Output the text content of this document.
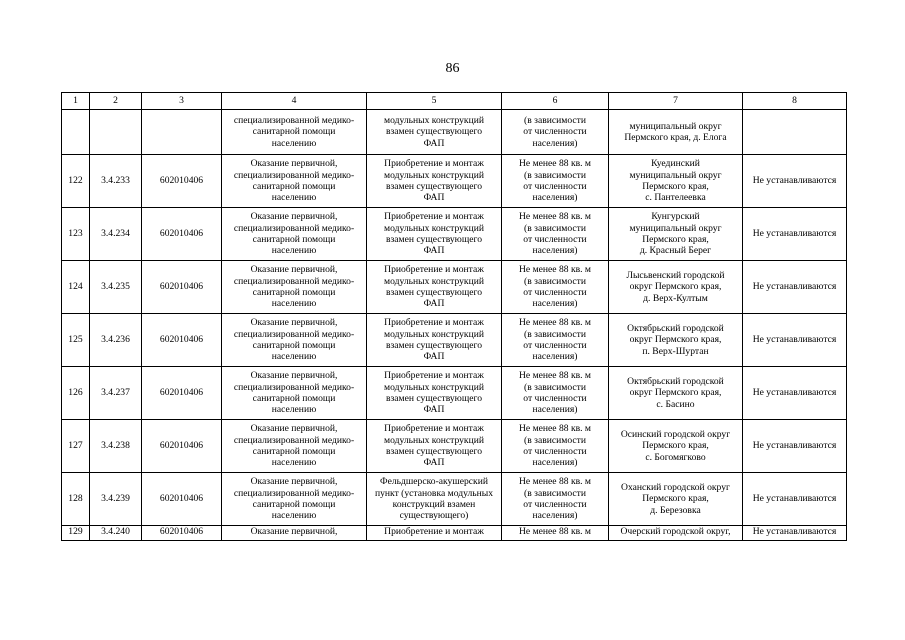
86
1	2	3	4	5	6	7	8

			специализированной медико-
санитарной помощи
населению	модульных конструкций
взамен существующего
ФАП	(в зависимости
от численности
населения)	муниципальный округ
Пермского края, д. Елога	

122	3.4.233	602010406	Оказание первичной,
специализированной медико-
санитарной помощи
населению	Приобретение и монтаж
модульных конструкций
взамен существующего
ФАП	Не менее 88 кв. м
(в зависимости
от численности
населения)	Куединский
муниципальный округ
Пермского края,
с. Пантелеевка	Не устанавливаются
123	3.4.234	602010406	Оказание первичной,
специализированной медико-
санитарной помощи
населению	Приобретение и монтаж
модульных конструкций
взамен существующего
ФАП	Не менее 88 кв. м
(в зависимости
от численности
населения)	Кунгурский
муниципальный округ
Пермского края,
д. Красный Берег	Не устанавливаются
124	3.4.235	602010406	Оказание первичной,
специализированной медико-
санитарной помощи
населению	Приобретение и монтаж
модульных конструкций
взамен существующего
ФАП	Не менее 88 кв. м
(в зависимости
от численности
населения)	Лысьвенский городской
округ Пермского края,
д. Верх-Култым	Не устанавливаются
125	3.4.236	602010406	Оказание первичной,
специализированной медико-
санитарной помощи
населению	Приобретение и монтаж
модульных конструкций
взамен существующего
ФАП	Не менее 88 кв. м
(в зависимости
от численности
населения)	Октябрьский городской
округ Пермского края,
п. Верх-Шуртан	Не устанавливаются
126	3.4.237	602010406	Оказание первичной,
специализированной медико-
санитарной помощи
населению	Приобретение и монтаж
модульных конструкций
взамен существующего
ФАП	Не менее 88 кв. м
(в зависимости
от численности
населения)	Октябрьский городской
округ Пермского края,
с. Басино	Не устанавливаются
127	3.4.238	602010406	Оказание первичной,
специализированной медико-
санитарной помощи
населению	Приобретение и монтаж
модульных конструкций
взамен существующего
ФАП	Не менее 88 кв. м
(в зависимости
от численности
населения)	Осинский городской округ
Пермского края,
с. Богомягково	Не устанавливаются
128	3.4.239	602010406	Оказание первичной,
специализированной медико-
санитарной помощи
населению	Фельдшерско-акушерский
пункт (установка модульных
конструкций взамен
существующего)	Не менее 88 кв. м
(в зависимости
от численности
населения)	Оханский городской округ
Пермского края,
д. Березовка	Не устанавливаются
129	3.4.240	602010406	Оказание первичной,	Приобретение и монтаж	Не менее 88 кв. м	Очерский городской округ,	Не устанавливаются
